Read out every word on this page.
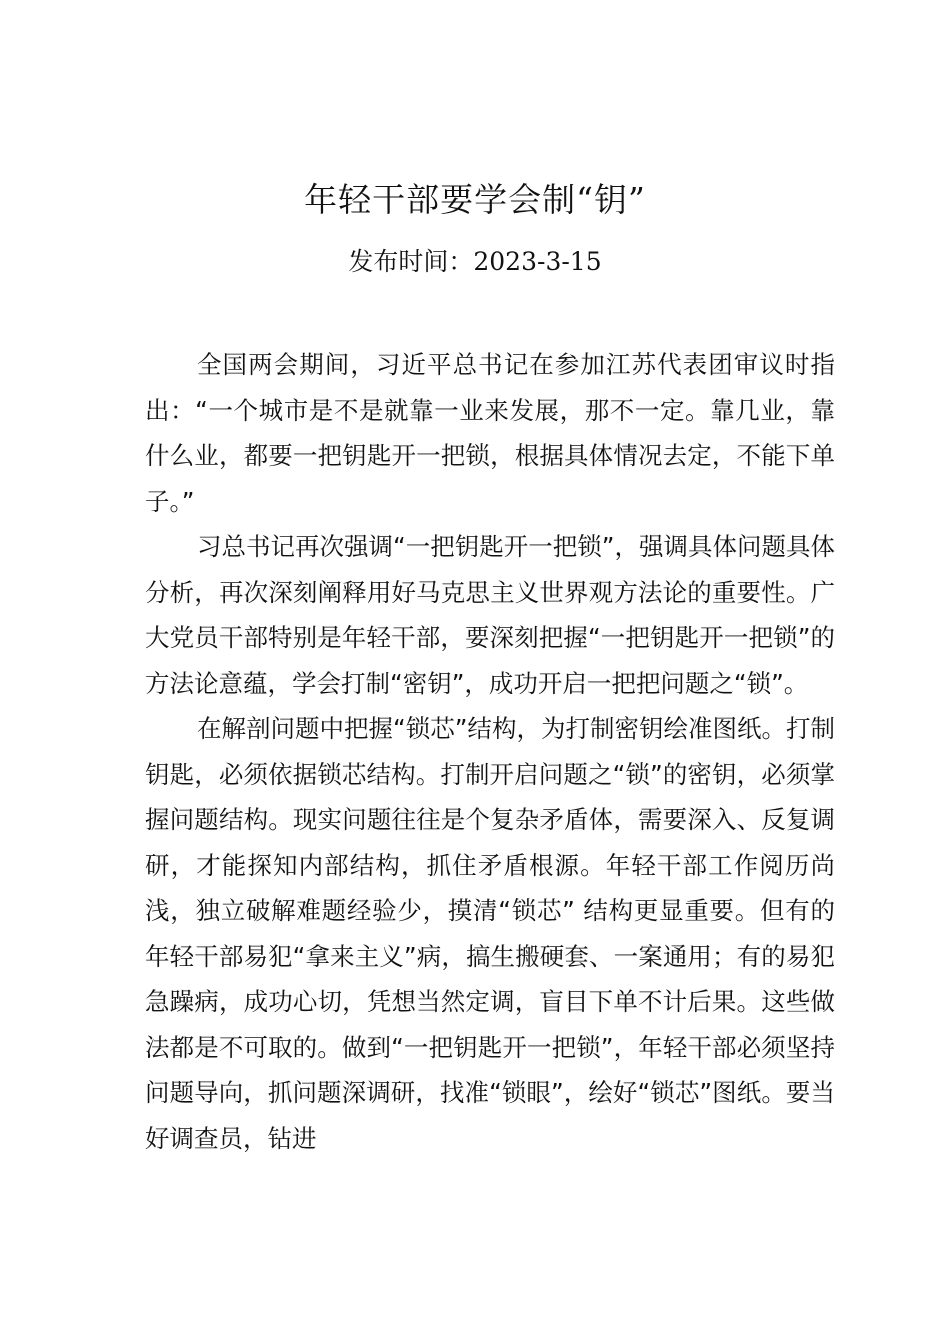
年轻干部要学会制“钥”
发布时间：2023-3-15

全国两会期间，习近平总书记在参加江苏代表团审议时指出：“一个城市是不是就靠一业来发展，那不一定。靠几业，靠什么业，都要一把钥匙开一把锁，根据具体情况去定，不能下单子。”

习总书记再次强调“一把钥匙开一把锁”，强调具体问题具体分析，再次深刻阐释用好马克思主义世界观方法论的重要性。广大党员干部特别是年轻干部，要深刻把握“一把钥匙开一把锁”的方法论意蕴，学会打制“密钥”，成功开启一把把问题之“锁”。

在解剖问题中把握“锁芯”结构，为打制密钥绘准图纸。打制钥匙，必须依据锁芯结构。打制开启问题之“锁”的密钥，必须掌握问题结构。现实问题往往是个复杂矛盾体，需要深入、反复调研，才能探知内部结构，抓住矛盾根源。年轻干部工作阅历尚浅，独立破解难题经验少，摸清“锁芯” 结构更显重要。但有的年轻干部易犯“拿来主义”病，搞生搬硬套、一案通用；有的易犯急躁病，成功心切，凭想当然定调，盲目下单不计后果。这些做法都是不可取的。做到“一把钥匙开一把锁”，年轻干部必须坚持问题导向，抓问题深调研，找准“锁眼”，绘好“锁芯”图纸。要当好调查员，钻进
